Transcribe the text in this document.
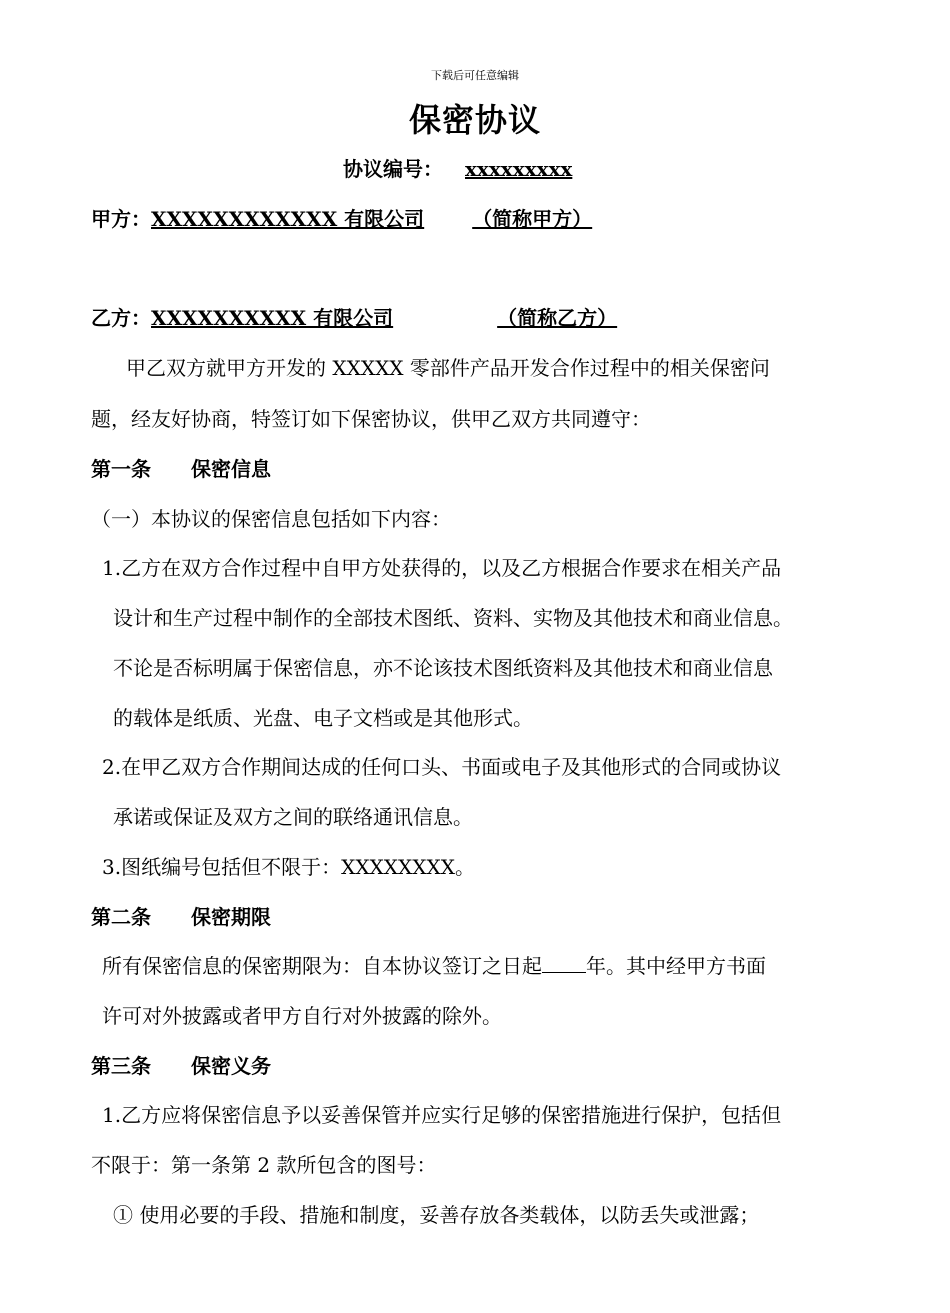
下载后可任意编辑
保密协议
协议编号： xxxxxxxxx
甲方：XXXXXXXXXXXX 有限公司 （简称甲方）
乙方：XXXXXXXXXX 有限公司	（简称乙方）
甲乙双方就甲方开发的 XXXXX 零部件产品开发合作过程中的相关保密问
题，经友好协商，特签订如下保密协议，供甲乙双方共同遵守：
第一条 保密信息
（一）本协议的保密信息包括如下内容：
1.乙方在双方合作过程中自甲方处获得的，以及乙方根据合作要求在相关产品
设计和生产过程中制作的全部技术图纸、资料、实物及其他技术和商业信息。
不论是否标明属于保密信息，亦不论该技术图纸资料及其他技术和商业信息
的载体是纸质、光盘、电子文档或是其他形式。
2.在甲乙双方合作期间达成的任何口头、书面或电子及其他形式的合同或协议
承诺或保证及双方之间的联络通讯信息。
3.图纸编号包括但不限于：XXXXXXXX。
第二条 保密期限
所有保密信息的保密期限为：自本协议签订之日起 年。其中经甲方书面
许可对外披露或者甲方自行对外披露的除外。
第三条 保密义务
1.乙方应将保密信息予以妥善保管并应实行足够的保密措施进行保护，包括但
不限于：第一条第 2 款所包含的图号：
① 使用必要的手段、措施和制度，妥善存放各类载体，以防丢失或泄露；
